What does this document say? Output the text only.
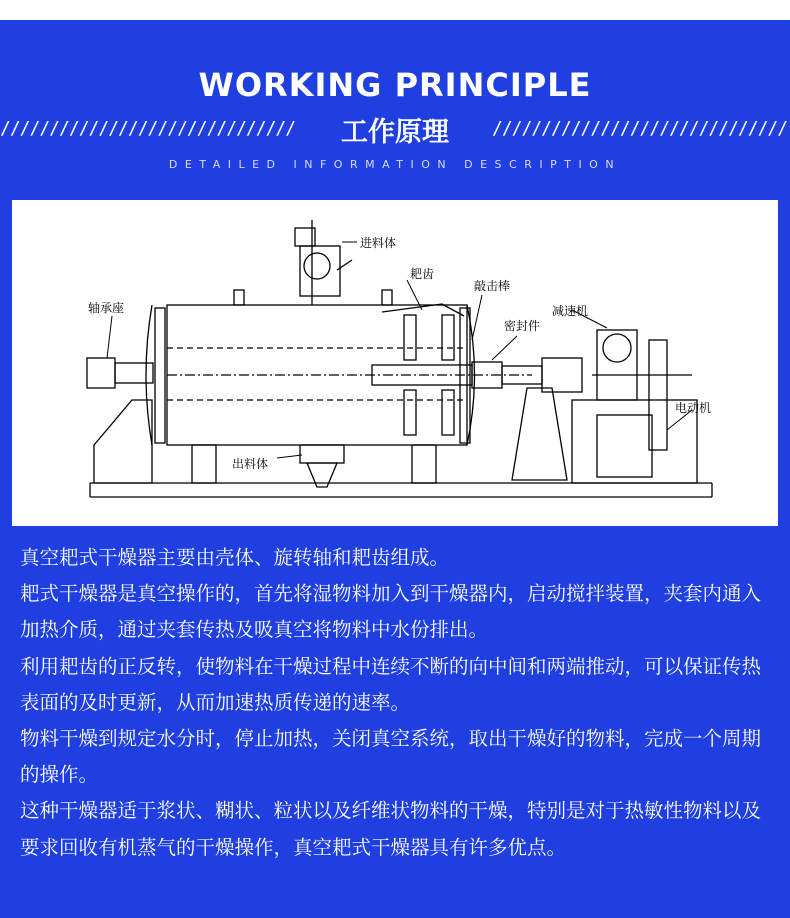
WORKING PRINCIPLE
//////////////////////////////	工作原理	//////////////////////////////
DETAILED INFORMATION DESCRIPTION
进料体
耙齿
敲击棒
轴承座	减速机
密封件
电动机
出料体

真空耙式干燥器主要由壳体、旋转轴和耙齿组成。

耙式干燥器是真空操作的，首先将湿物料加入到干燥器内，启动搅拌装置，夹套内通入加热介质，通过夹套传热及吸真空将物料中水份排出。

利用耙齿的正反转，使物料在干燥过程中连续不断的向中间和两端推动，可以保证传热表面的及时更新，从而加速热质传递的速率。

物料干燥到规定水分时，停止加热，关闭真空系统，取出干燥好的物料，完成一个周期的操作。

这种干燥器适于浆状、糊状、粒状以及纤维状物料的干燥，特别是对于热敏性物料以及要求回收有机蒸气的干燥操作，真空耙式干燥器具有许多优点。
